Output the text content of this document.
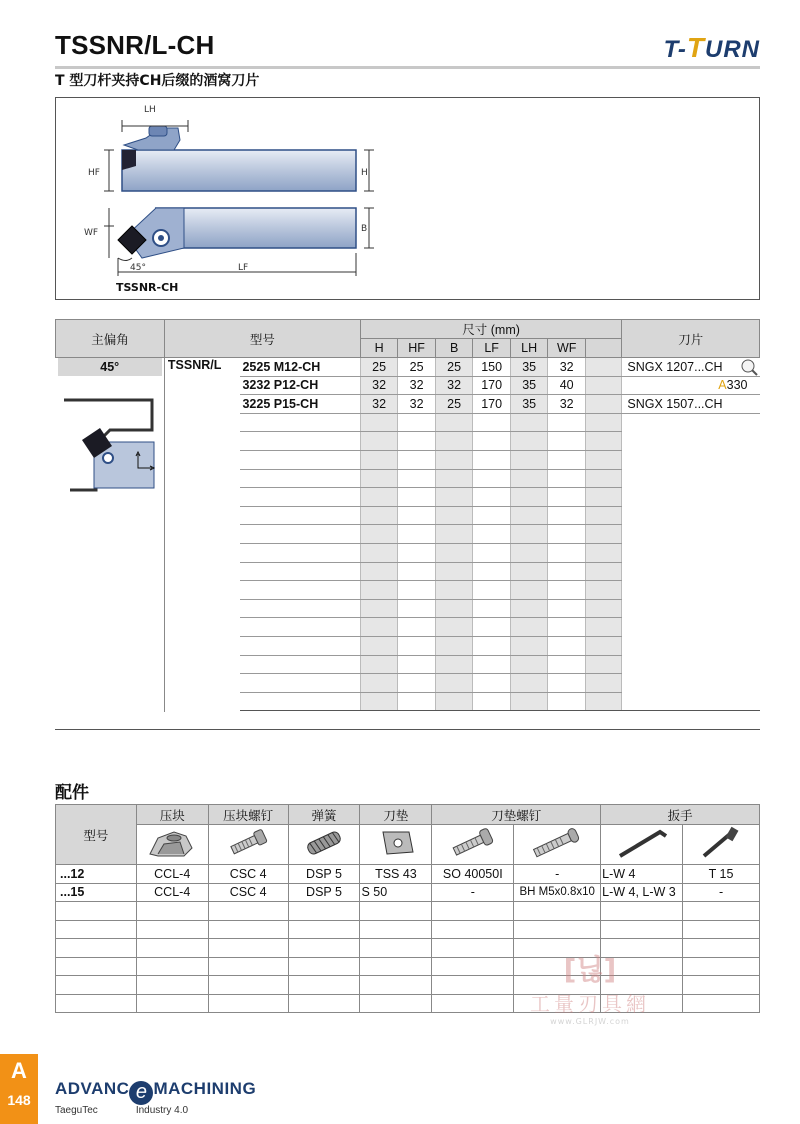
TSSNR/L-CH	T-TURN
T 型刀杆夹持CH后缀的酒窝刀片
LH
HF	H
WF	B
45°	LF
TSSNR-CH
主偏角	型号		尺寸 (mm)							刀片
			H	HF	B	LF	LH	WF		

45°	TSSNR/L	2525 M12-CH	25	25	25	150	35	32		SNGX 1207...CH

		3232 P12-CH	32	32	32	170	35	40		A330
		3225 P15-CH	32	32	25	170	35	32		SNGX 1507...CH

配件
型号	压块	压块螺钉	弹簧	刀垫	刀垫螺钉		扳手	

...12	CCL-4	CSC 4	DSP 5	TSS 43	SO 40050I	-	L-W 4	T 15
...15	CCL-4	CSC 4	DSP 5	S 50	-	BH M5x0.8x10	L-W 4, L-W 3	-

[닎]
工量刃具網
www.GLRJW.com
A
148
ADVANC e MACHINING
TaeguTec	Industry 4.0
